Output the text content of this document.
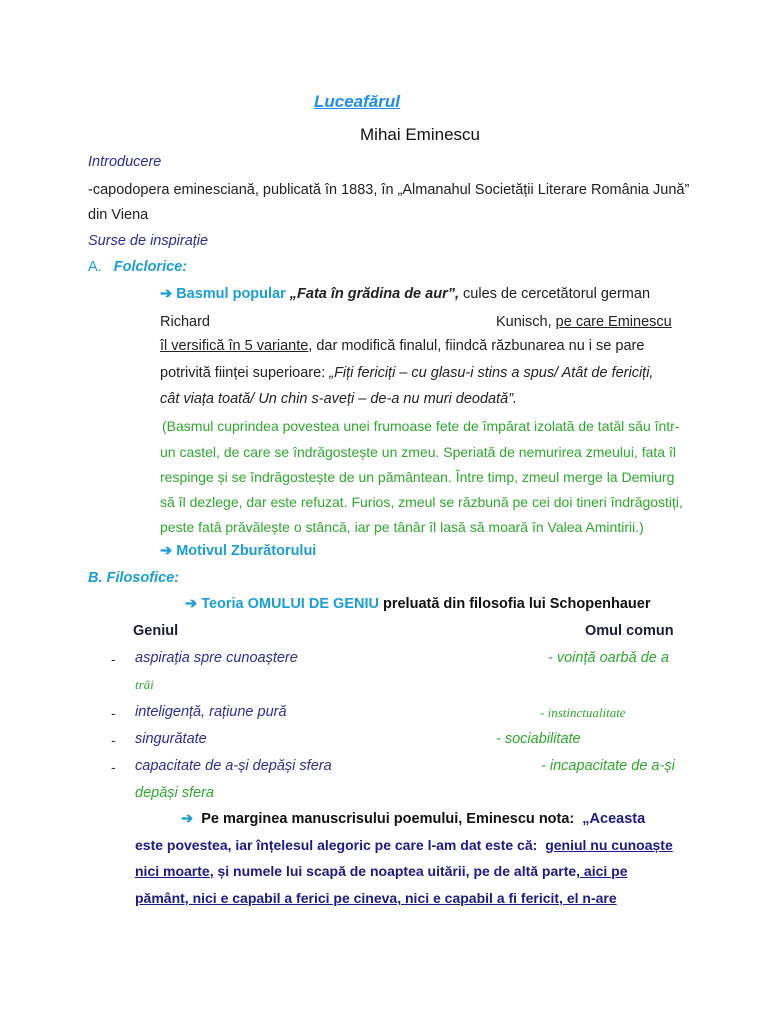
Luceafărul
Mihai Eminescu
Introducere
-capodopera eminesciană, publicată în 1883, în „Almanahul Societății Literare România Jună”
din Viena
Surse de inspirație
A. Folclorice:
➔ Basmul popular „Fata în grădina de aur”, cules de cercetătorul german
Richard	Kunisch, pe care Eminescu
îl versifică în 5 variante, dar modifică finalul, fiindcă răzbunarea nu i se pare
potrivită ființei superioare: „Fiți fericiți – cu glasu-i stins a spus/ Atât de fericiți,
cât viața toată/ Un chin s-aveți – de-a nu muri deodată”.
(Basmul cuprindea povestea unei frumoase fete de împărat izolată de tatăl său într-
un castel, de care se îndrăgostește un zmeu. Speriată de nemurirea zmeului, fata îl
respinge și se îndrăgostește de un pământean. Între timp, zmeul merge la Demiurg
să îl dezlege, dar este refuzat. Furios, zmeul se răzbună pe cei doi tineri îndrăgostiți,
peste fată prăvălește o stâncă, iar pe tânăr îl lasă să moară în Valea Amintirii.)
➔ Motivul Zburătorului
B. Filosofice:
➔ Teoria OMULUI DE GENIU preluată din filosofia lui Schopenhauer
Geniul	Omul comun
- aspirația spre cunoaștere	- voință oarbă de a
trăi
- inteligență, rațiune pură	- instinctualitate
- singurătate	- sociabilitate
- capacitate de a-și depăși sfera	- incapacitate de a-și
depăși sfera
➔ Pe marginea manuscrisului poemului, Eminescu nota: „Aceasta
este povestea, iar înțelesul alegoric pe care l-am dat este că: geniul nu cunoaște
nici moarte, și numele lui scapă de noaptea uitării, pe de altă parte, aici pe
pământ, nici e capabil a ferici pe cineva, nici e capabil a fi fericit, el n-are
